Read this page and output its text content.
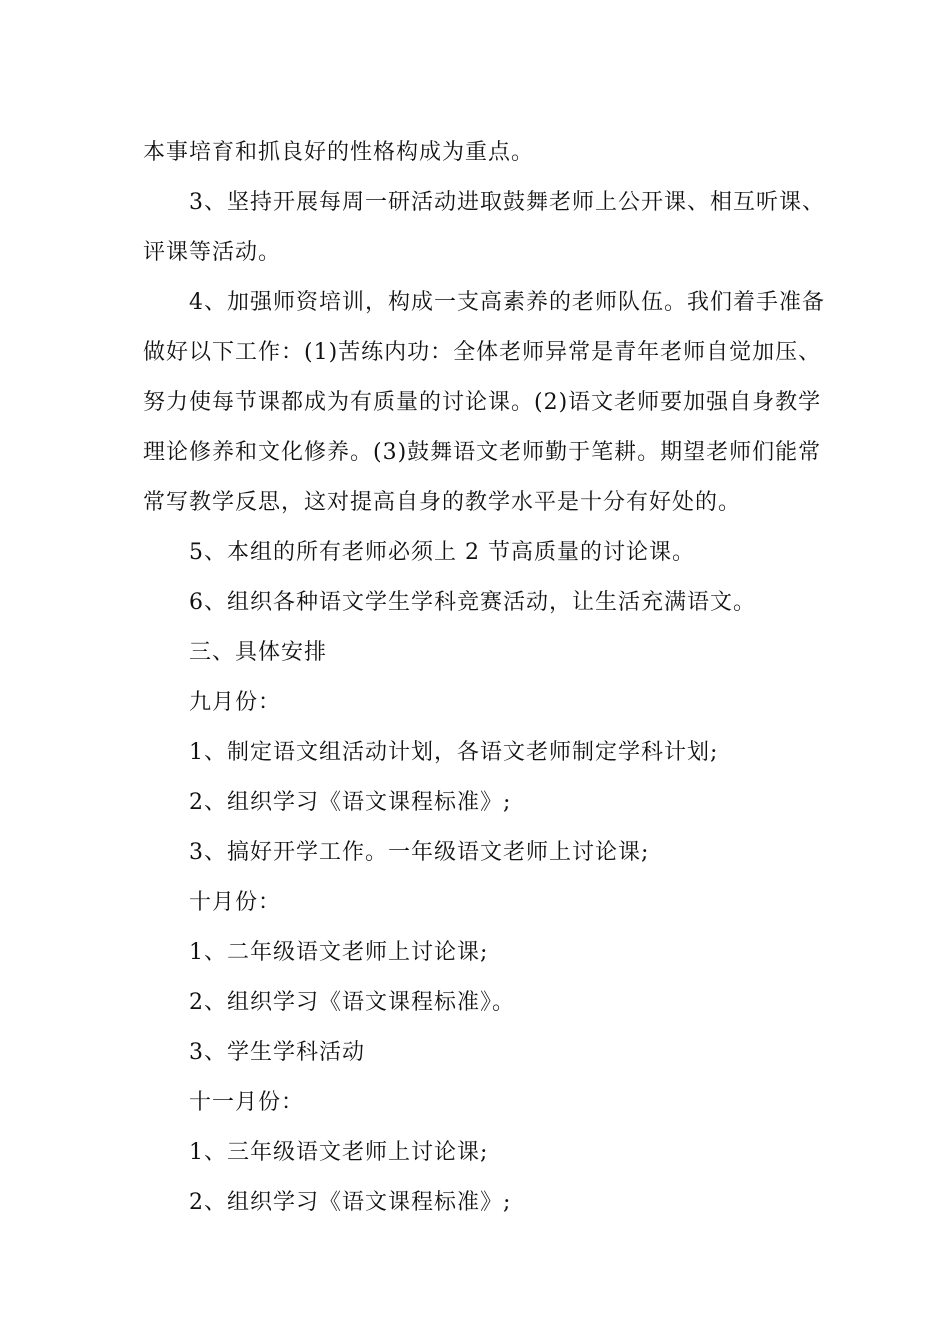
本事培育和抓良好的性格构成为重点。
3、坚持开展每周一研活动进取鼓舞老师上公开课、相互听课、
评课等活动。
4、加强师资培训，构成一支高素养的老师队伍。我们着手准备
做好以下工作：(1)苦练内功：全体老师异常是青年老师自觉加压、
努力使每节课都成为有质量的讨论课。(2)语文老师要加强自身教学
理论修养和文化修养。(3)鼓舞语文老师勤于笔耕。期望老师们能常
常写教学反思，这对提高自身的教学水平是十分有好处的。
5、本组的所有老师必须上 2 节高质量的讨论课。
6、组织各种语文学生学科竞赛活动，让生活充满语文。
三、具体安排
九月份：
1、制定语文组活动计划，各语文老师制定学科计划;
2、组织学习《语文课程标准》;
3、搞好开学工作。一年级语文老师上讨论课;
十月份：
1、二年级语文老师上讨论课;
2、组织学习《语文课程标准》。
3、学生学科活动
十一月份：
1、三年级语文老师上讨论课;
2、组织学习《语文课程标准》;
